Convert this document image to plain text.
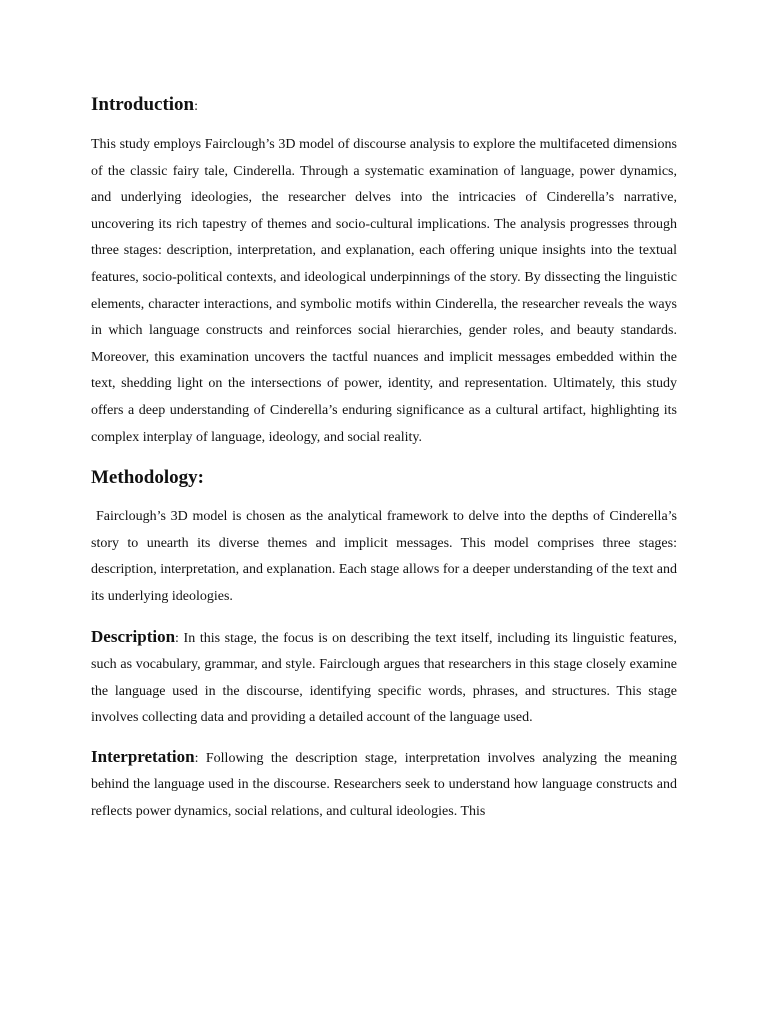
Introduction:

This study employs Fairclough’s 3D model of discourse analysis to explore the multifaceted dimensions of the classic fairy tale, Cinderella. Through a systematic examination of language, power dynamics, and underlying ideologies, the researcher delves into the intricacies of Cinderella’s narrative, uncovering its rich tapestry of themes and socio-cultural implications. The analysis progresses through three stages: description, interpretation, and explanation, each offering unique insights into the textual features, socio-political contexts, and ideological underpinnings of the story. By dissecting the linguistic elements, character interactions, and symbolic motifs within Cinderella, the researcher reveals the ways in which language constructs and reinforces social hierarchies, gender roles, and beauty standards. Moreover, this examination uncovers the tactful nuances and implicit messages embedded within the text, shedding light on the intersections of power, identity, and representation. Ultimately, this study offers a deep understanding of Cinderella’s enduring significance as a cultural artifact, highlighting its complex interplay of language, ideology, and social reality.

Methodology:

Fairclough’s 3D model is chosen as the analytical framework to delve into the depths of Cinderella’s story to unearth its diverse themes and implicit messages. This model comprises three stages: description, interpretation, and explanation. Each stage allows for a deeper understanding of the text and its underlying ideologies.

Description: In this stage, the focus is on describing the text itself, including its linguistic features, such as vocabulary, grammar, and style. Fairclough argues that researchers in this stage closely examine the language used in the discourse, identifying specific words, phrases, and structures. This stage involves collecting data and providing a detailed account of the language used.

Interpretation: Following the description stage, interpretation involves analyzing the meaning behind the language used in the discourse. Researchers seek to understand how language constructs and reflects power dynamics, social relations, and cultural ideologies. This
